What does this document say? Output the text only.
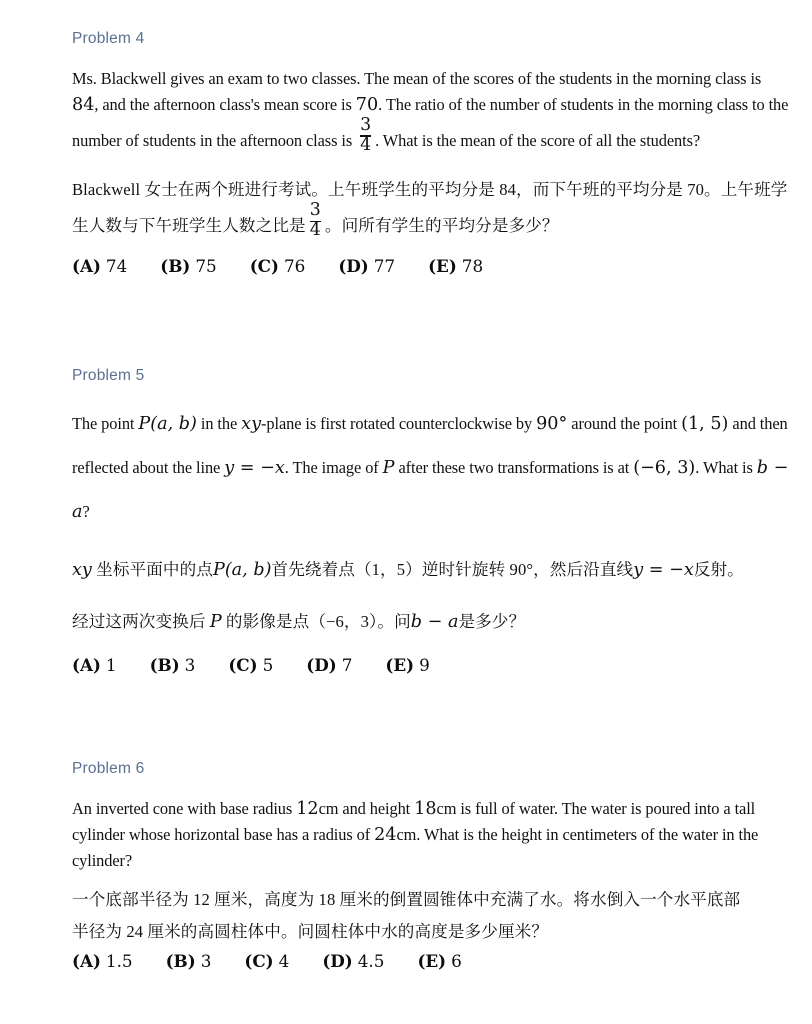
Problem 4

Ms. Blackwell gives an exam to two classes. The mean of the scores of the students in the morning class is 84, and the afternoon class's mean score is 70. The ratio of the number of students in the morning class to the number of students in the afternoon class is $\frac{3}{4}$ . What is the mean of the score of all the students?

Blackwell 女士在两个班进行考试。上午班学生的平均分是 84，而下午班的平均分是 70。上午班学生人数与下午班学生人数之比是 $\frac{3}{4}$ 。问所有学生的平均分是多少？

(A) 74 (B) 75 (C) 76 (D) 77 (E) 78
Problem 5

The point P(a, b) in the xy-plane is first rotated counterclockwise by 90° around the point (1, 5) and then reflected about the line y = −x. The image of P after these two transformations is at (−6, 3). What is b − a?

xy 坐标平面中的点P(a, b)首先绕着点（1，5）逆时针旋转 90°，然后沿直线y = −x反射。

经过这两次变换后 P 的影像是点（−6，3）。问b − a是多少？

(A) 1 (B) 3 (C) 5 (D) 7 (E) 9
Problem 6

An inverted cone with base radius 12cm and height 18cm is full of water. The water is poured into a tall cylinder whose horizontal base has a radius of 24cm. What is the height in centimeters of the water in the cylinder?

一个底部半径为 12 厘米，高度为 18 厘米的倒置圆锥体中充满了水。将水倒入一个水平底部

半径为 24 厘米的高圆柱体中。问圆柱体中水的高度是多少厘米？

(A) 1.5 (B) 3 (C) 4 (D) 4.5 (E) 6
